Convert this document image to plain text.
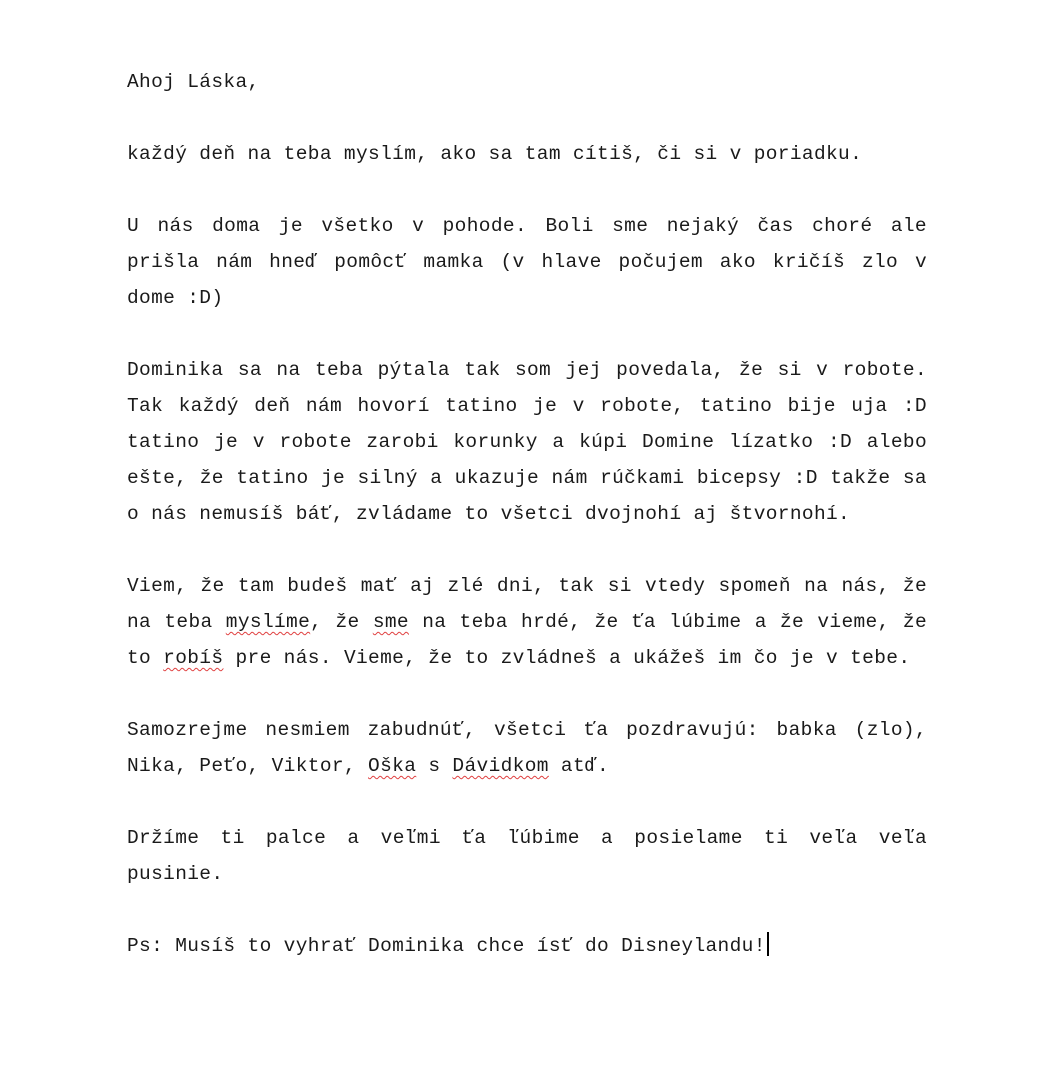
Ahoj Láska,

každý deň na teba myslím, ako sa tam cítiš, či si v poriadku.

U nás doma je všetko v pohode. Boli sme nejaký čas choré ale prišla nám hneď pomôcť mamka (v hlave počujem ako kričíš zlo v dome :D)

Dominika sa na teba pýtala tak som jej povedala, že si v robote. Tak každý deň nám hovorí tatino je v robote, tatino bije uja :D tatino je v robote zarobi korunky a kúpi Domine lízatko :D alebo ešte, že tatino je silný a ukazuje nám rúčkami bicepsy :D takže sa o nás nemusíš báť, zvládame to všetci dvojnohí aj štvornohí.

Viem, že tam budeš mať aj zlé dni, tak si vtedy spomeň na nás, že na teba myslíme, že sme na teba hrdé, že ťa lúbime a že vieme, že to robíš pre nás. Vieme, že to zvládneš a ukážeš im čo je v tebe.

Samozrejme nesmiem zabudnúť, všetci ťa pozdravujú: babka (zlo), Nika, Peťo, Viktor, Oška s Dávidkom atď.

Držíme ti palce a veľmi ťa ľúbime a posielame ti veľa veľa pusinie.

Ps: Musíš to vyhrať Dominika chce ísť do Disneylandu!
